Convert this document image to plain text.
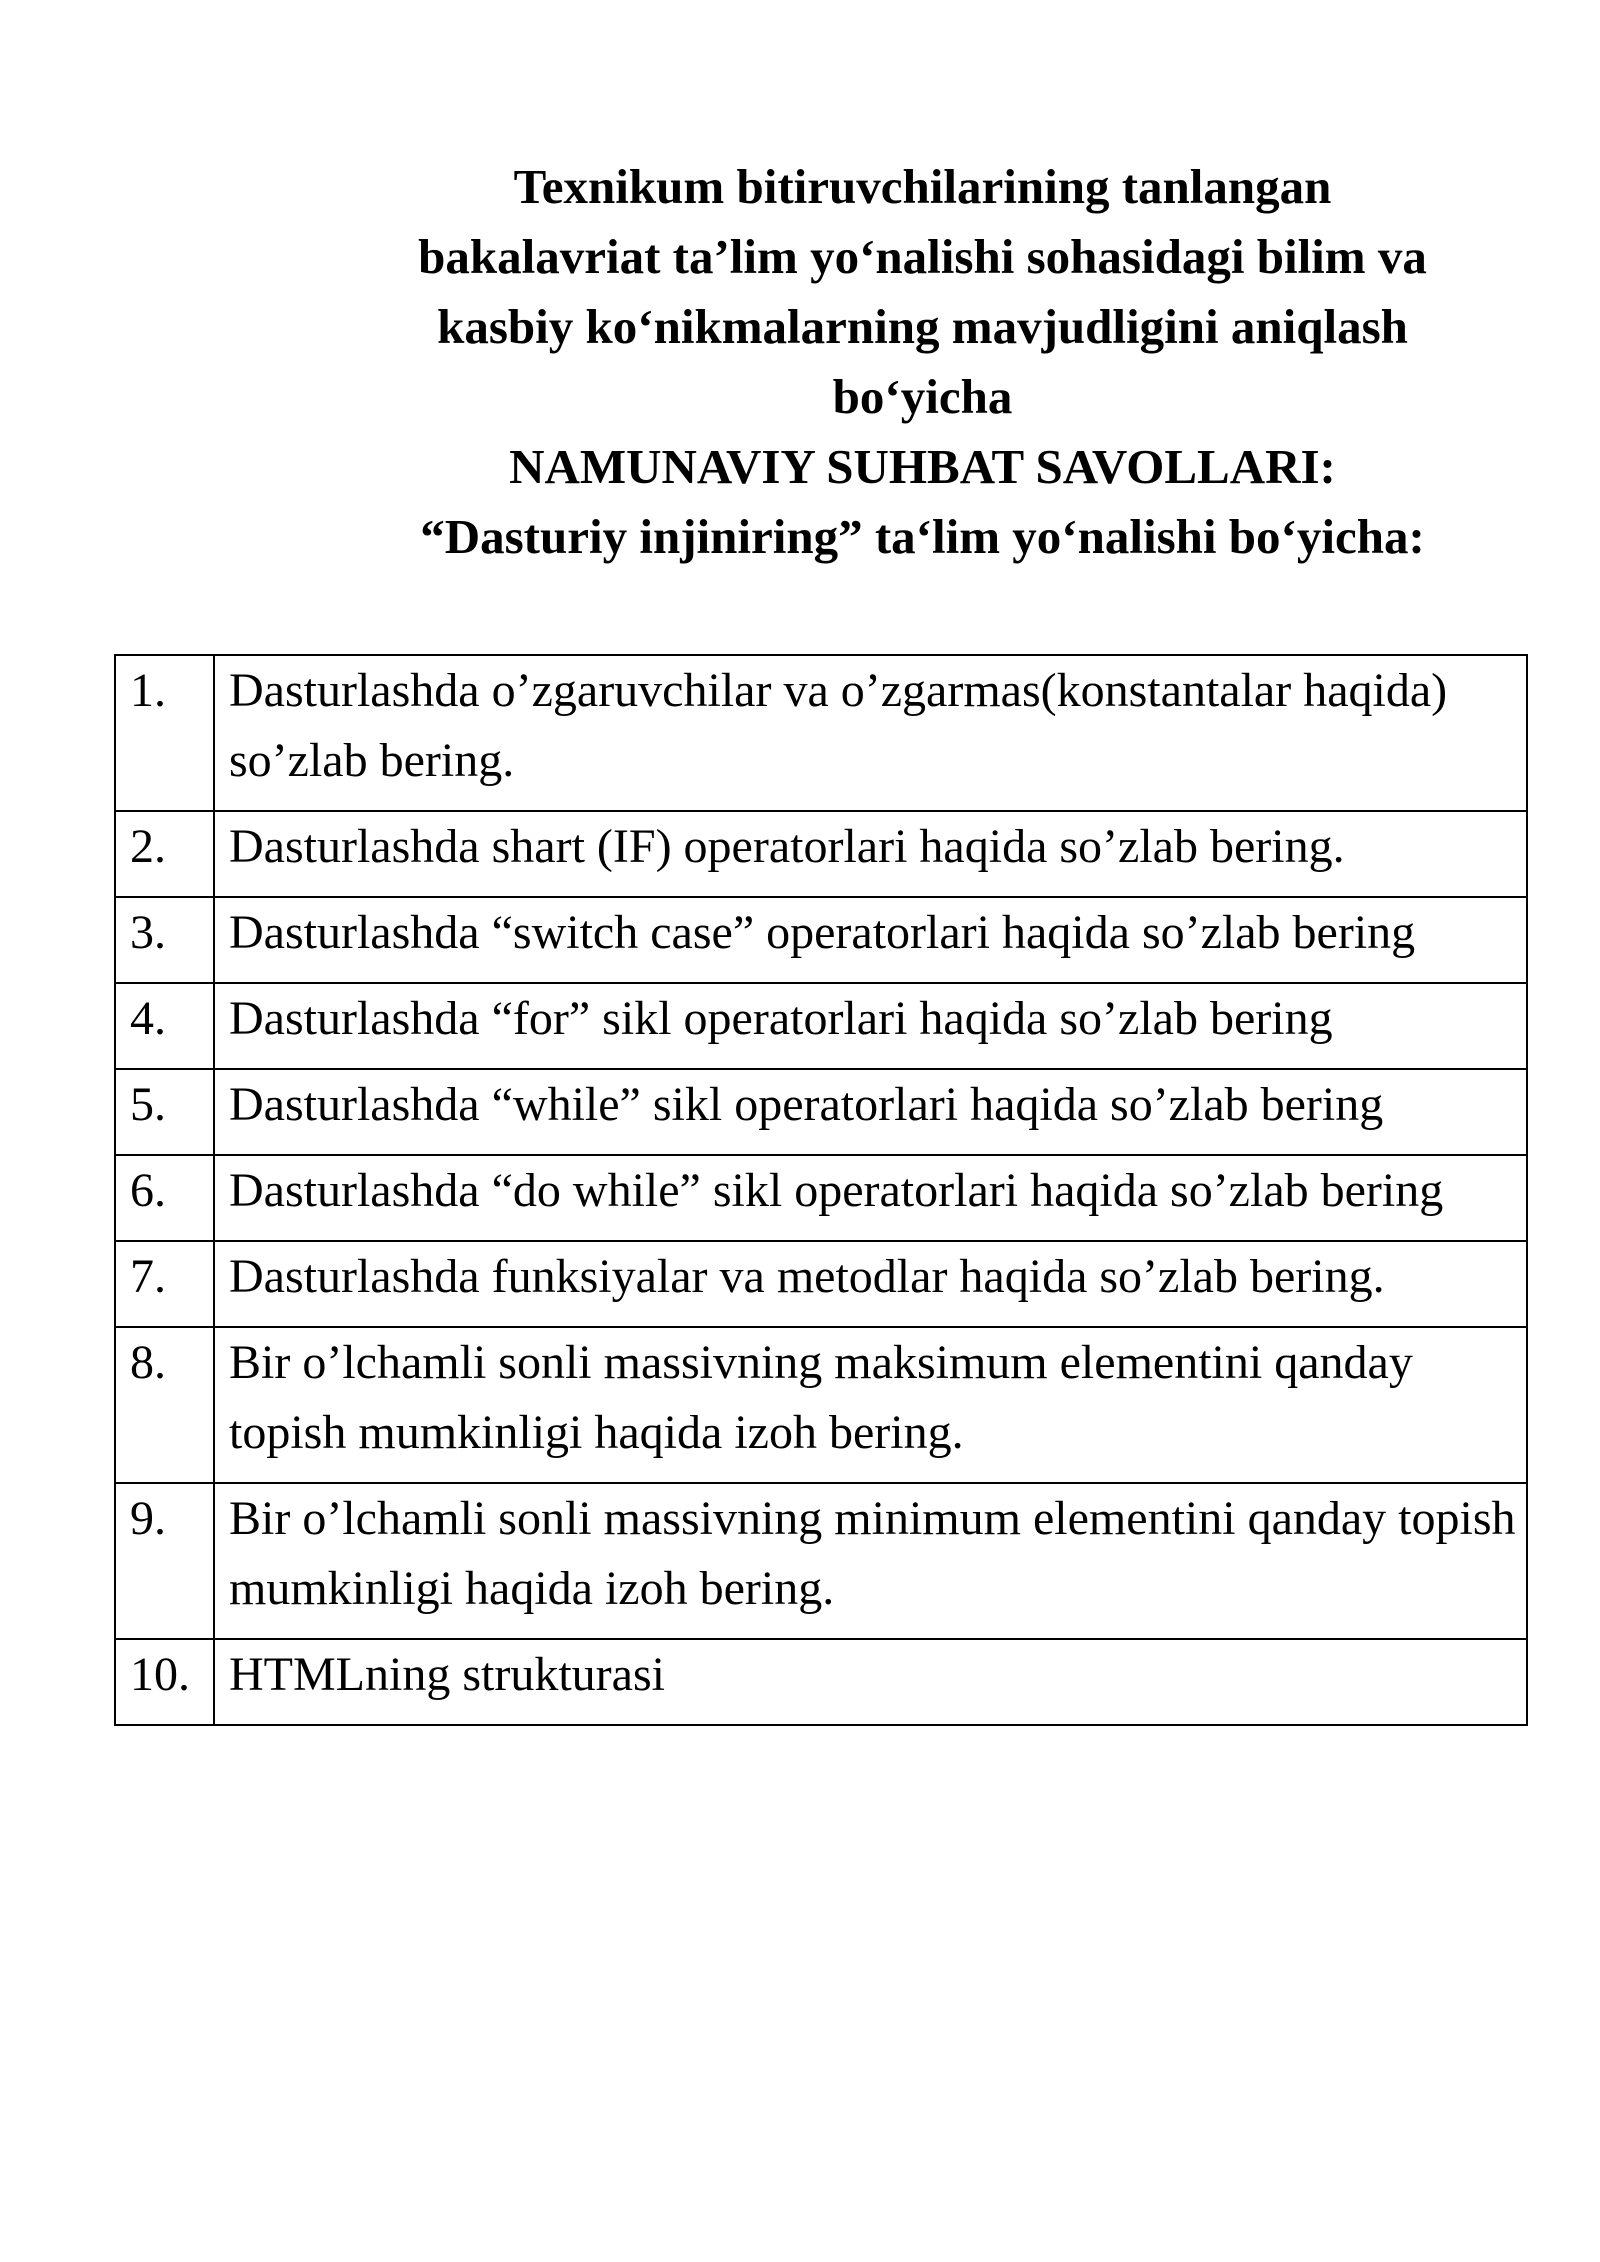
Texnikum bitiruvchilarining tanlangan
bakalavriat ta’lim yo‘nalishi sohasidagi bilim va
kasbiy ko‘nikmalarning mavjudligini aniqlash
bo‘yicha
NAMUNAVIY SUHBAT SAVOLLARI:
“Dasturiy injiniring” ta‘lim yo‘nalishi bo‘yicha:
1.	Dasturlashda o’zgaruvchilar va o’zgarmas(konstantalar haqida) so’zlab bering.
2.	Dasturlashda shart (IF) operatorlari haqida so’zlab bering.
3.	Dasturlashda “switch case” operatorlari haqida so’zlab bering
4.	Dasturlashda “for” sikl operatorlari haqida so’zlab bering
5.	Dasturlashda “while” sikl operatorlari haqida so’zlab bering
6.	Dasturlashda “do while” sikl operatorlari haqida so’zlab bering
7.	Dasturlashda funksiyalar va metodlar haqida so’zlab bering.
8.	Bir o’lchamli sonli massivning maksimum elementini qanday topish mumkinligi haqida izoh bering.
9.	Bir o’lchamli sonli massivning minimum elementini qanday topish mumkinligi haqida izoh bering.
10.	HTMLning strukturasi
